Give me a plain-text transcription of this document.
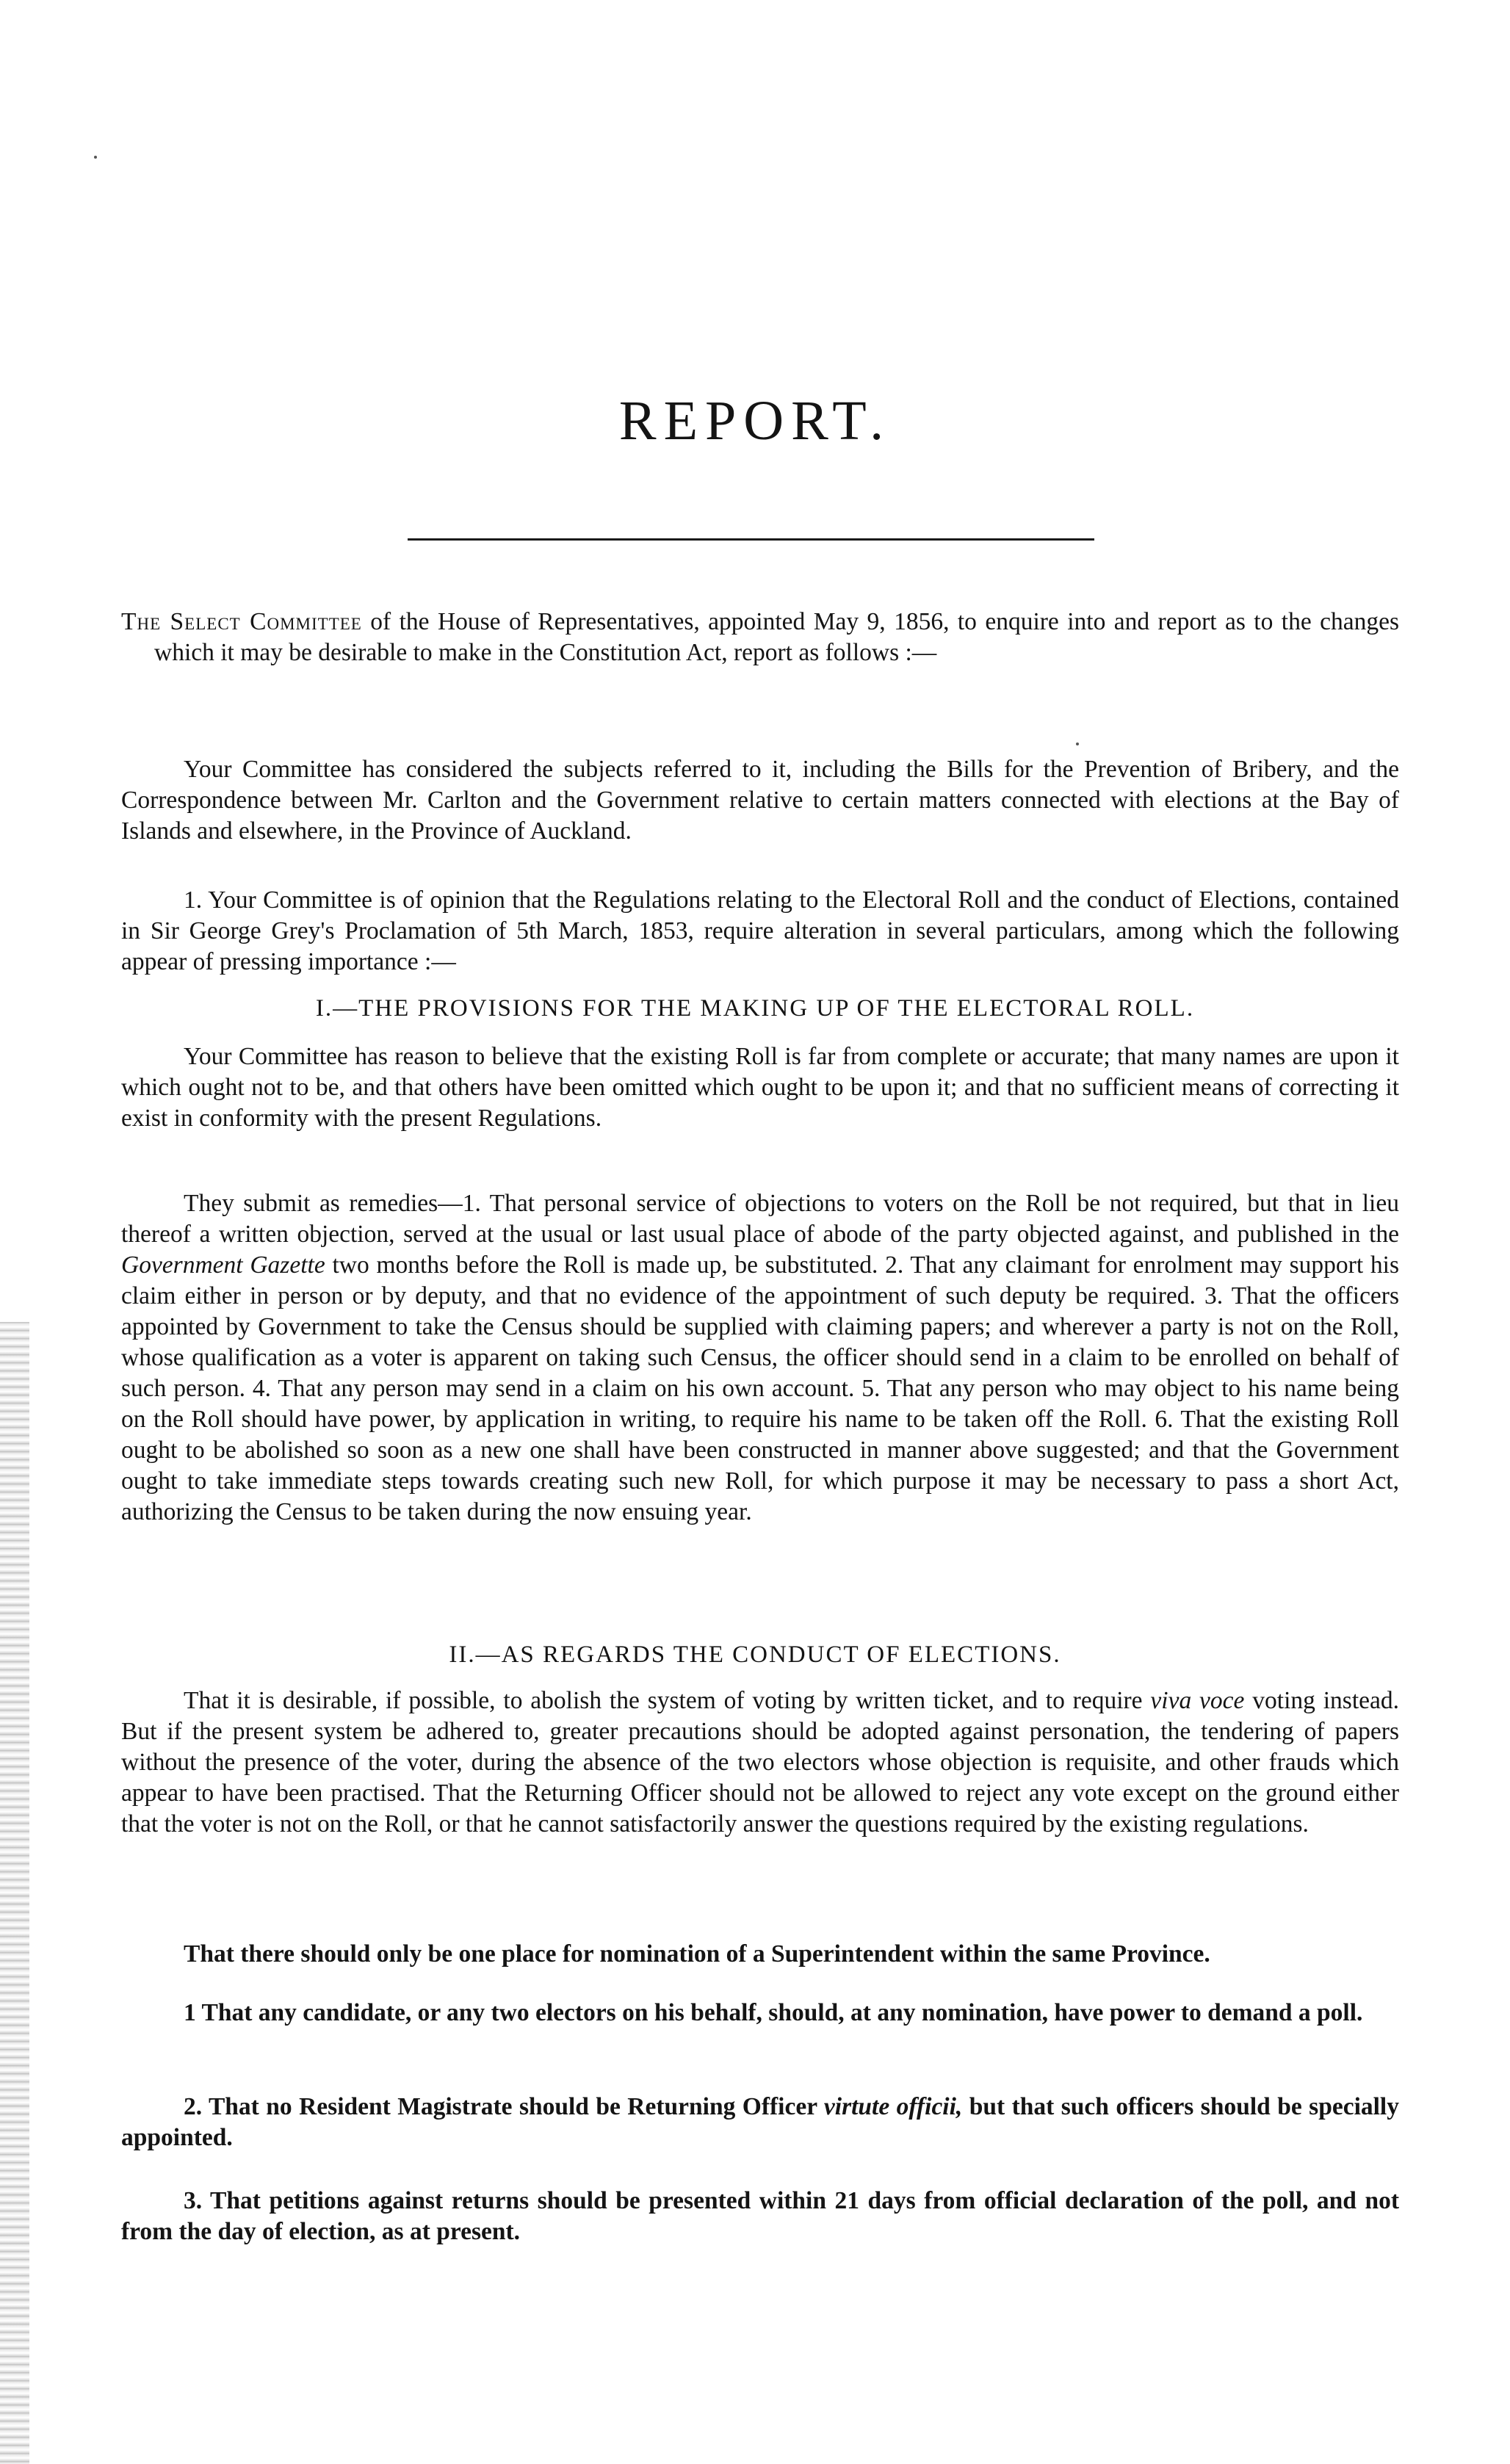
REPORT.

The Select Committee of the House of Representatives, appointed May 9, 1856, to enquire into and report as to the changes which it may be desirable to make in the Constitution Act, report as follows :—

Your Committee has considered the subjects referred to it, including the Bills for the Prevention of Bribery, and the Correspondence between Mr. Carlton and the Government relative to certain matters connected with elections at the Bay of Islands and elsewhere, in the Province of Auckland.

1. Your Committee is of opinion that the Regulations relating to the Electoral Roll and the conduct of Elections, contained in Sir George Grey's Proclamation of 5th March, 1853, require alteration in several particulars, among which the following appear of pressing importance :—

I.—THE PROVISIONS FOR THE MAKING UP OF THE ELECTORAL ROLL.

Your Committee has reason to believe that the existing Roll is far from complete or accurate; that many names are upon it which ought not to be, and that others have been omitted which ought to be upon it; and that no sufficient means of correcting it exist in conformity with the present Regulations.

They submit as remedies—1. That personal service of objections to voters on the Roll be not required, but that in lieu thereof a written objection, served at the usual or last usual place of abode of the party objected against, and published in the Government Gazette two months before the Roll is made up, be substituted. 2. That any claimant for enrolment may support his claim either in person or by deputy, and that no evidence of the appointment of such deputy be required. 3. That the officers appointed by Government to take the Census should be supplied with claiming papers; and wherever a party is not on the Roll, whose qualification as a voter is apparent on taking such Census, the officer should send in a claim to be enrolled on behalf of such person. 4. That any person may send in a claim on his own account. 5. That any person who may object to his name being on the Roll should have power, by application in writing, to require his name to be taken off the Roll. 6. That the existing Roll ought to be abolished so soon as a new one shall have been constructed in manner above suggested; and that the Government ought to take immediate steps towards creating such new Roll, for which purpose it may be necessary to pass a short Act, authorizing the Census to be taken during the now ensuing year.

II.—AS REGARDS THE CONDUCT OF ELECTIONS.

That it is desirable, if possible, to abolish the system of voting by written ticket, and to require viva voce voting instead. But if the present system be adhered to, greater precautions should be adopted against personation, the tendering of papers without the presence of the voter, during the absence of the two electors whose objection is requisite, and other frauds which appear to have been practised. That the Returning Officer should not be allowed to reject any vote except on the ground either that the voter is not on the Roll, or that he cannot satisfactorily answer the questions required by the existing regulations.

That there should only be one place for nomination of a Superintendent within the same Province.

1 That any candidate, or any two electors on his behalf, should, at any nomination, have power to demand a poll.

2. That no Resident Magistrate should be Returning Officer virtute officii, but that such officers should be specially appointed.

3. That petitions against returns should be presented within 21 days from official declaration of the poll, and not from the day of election, as at present.
